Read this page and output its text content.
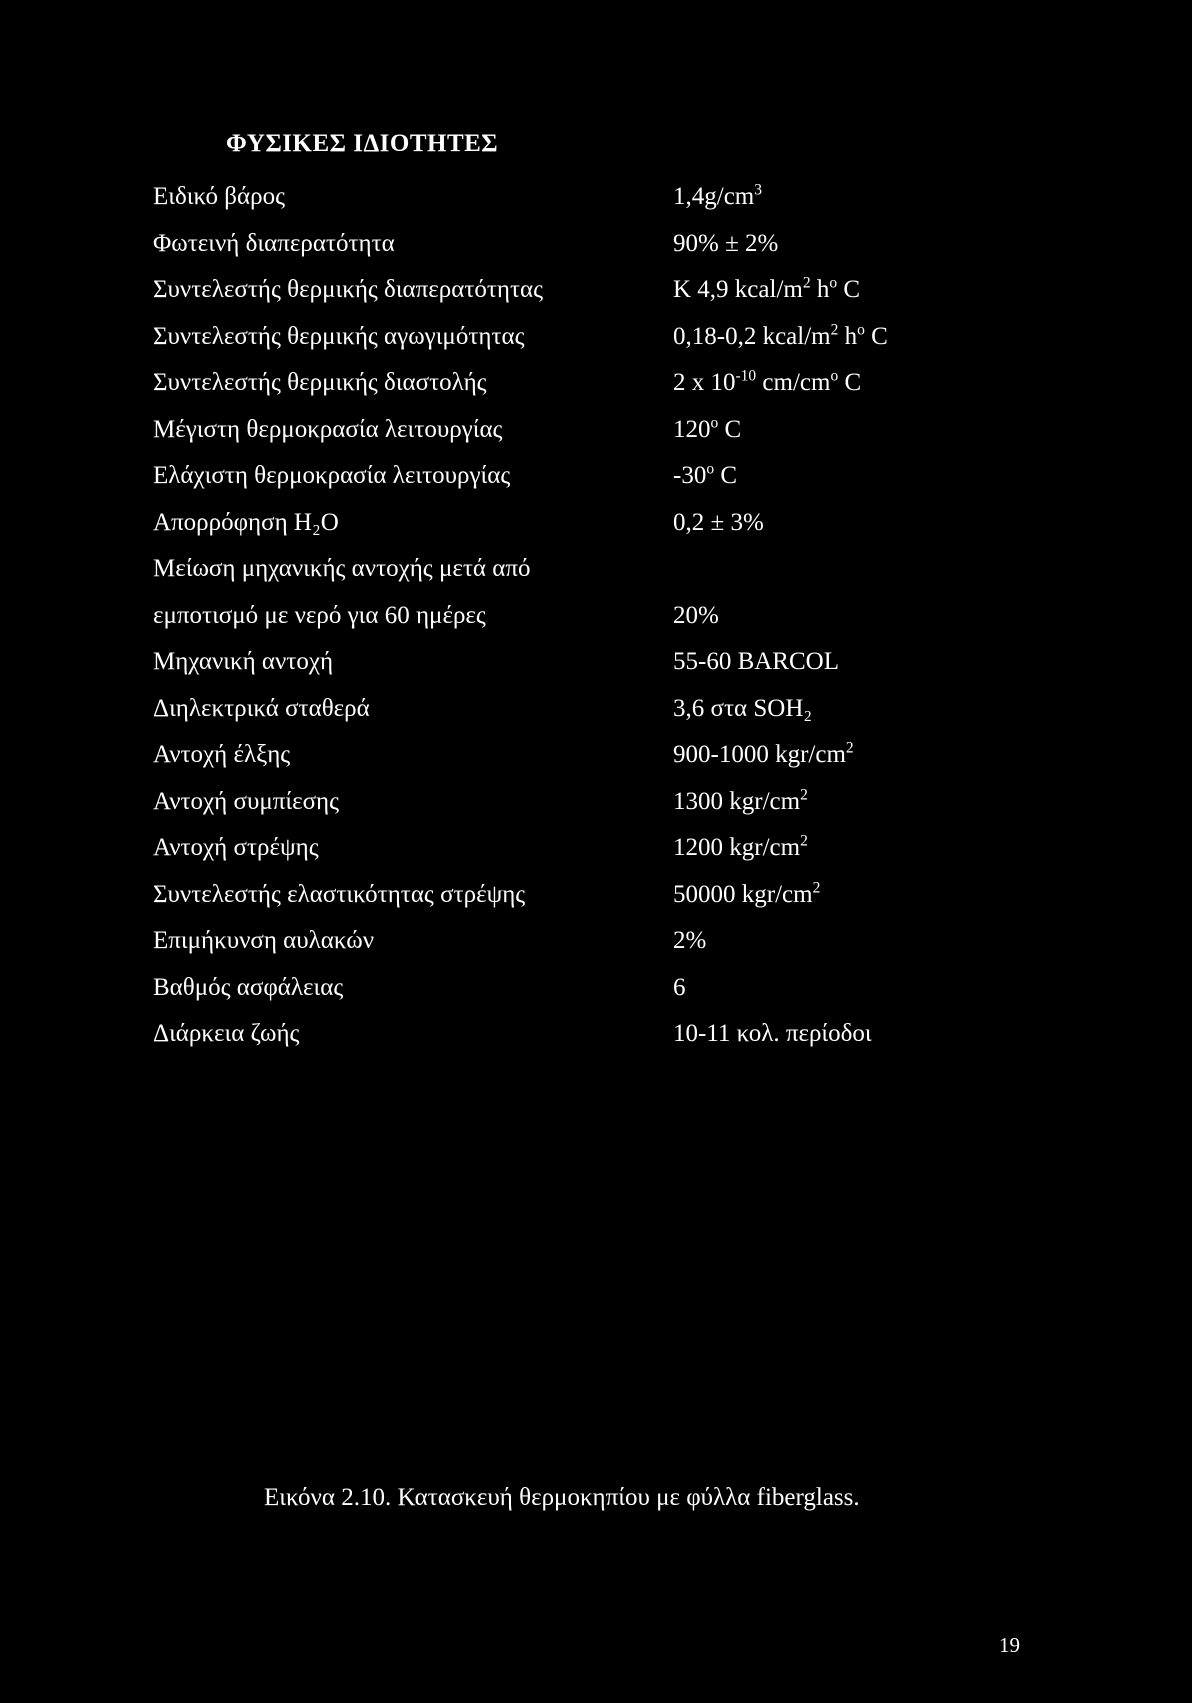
ΦΥΣΙΚΕΣ ΙΔΙΟΤΗΤΕΣ
Ειδικό βάρος	$1,4g/cm^3$
Φωτεινή διαπερατότητα	90% ± 2%
Συντελεστής θερμικής διαπερατότητας	K 4,9 kcal/$m^2$ $h^o$ C
Συντελεστής θερμικής αγωγιμότητας	0,18-0,2 kcal/$m^2$ $h^o$ C
Συντελεστής θερμικής διαστολής	2 x $10^{-10}$ $cm/cm^o$ C
Μέγιστη θερμοκρασία λειτουργίας	120$^o$ C
Ελάχιστη θερμοκρασία λειτουργίας	-30$^o$ C
Απορρόφηση H₂O	0,2 ± 3%
Μείωση μηχανικής αντοχής μετά από
εμποτισμό με νερό για 60 ημέρες	20%
Μηχανική αντοχή	55-60 BARCOL
Διηλεκτρικά σταθερά	3,6 στα SOH₂
Αντοχή έλξης	900-1000 kgr/$cm^2$
Αντοχή συμπίεσης	1300 kgr/$cm^2$
Αντοχή στρέψης	1200 kgr/$cm^2$
Συντελεστής ελαστικότητας στρέψης	50000 kgr/$cm^2$
Επιμήκυνση αυλακών	2%
Βαθμός ασφάλειας	6
Διάρκεια ζωής	10-11 κολ. περίοδοι
Εικόνα 2.10. Κατασκευή θερμοκηπίου με φύλλα fiberglass.
19
